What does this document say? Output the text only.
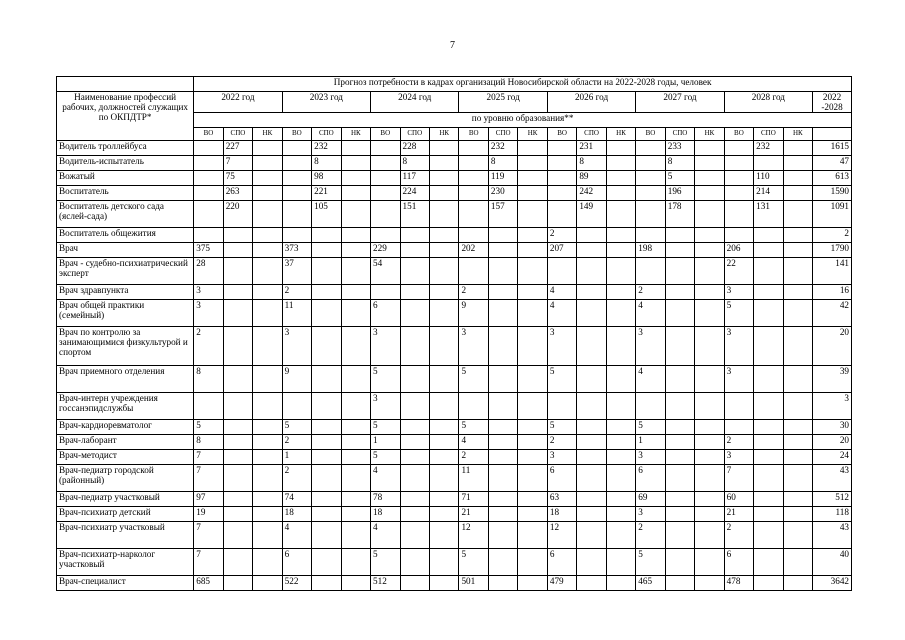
7
	Прогноз потребности в кадрах организаций Новосибирской области на 2022-2028 годы, человек																					
Наименование профессий рабочих, должностей служащих по ОКПДТР*	2022 год			2023 год			2024 год			2025 год			2026 год			2027 год			2028 год			2022 -2028
	по уровню образования**																					
	ВО	СПО	НК	ВО	СПО	НК	ВО	СПО	НК	ВО	СПО	НК	ВО	СПО	НК	ВО	СПО	НК	ВО	СПО	НК	
Водитель троллейбуса		227			232			228			232			231			233			232		1615
Водитель-испытатель		7			8			8			8			8			8					47
Вожатый		75			98			117			119			89			5			110		613
Воспитатель		263			221			224			230			242			196			214		1590
Воспитатель детского сада (яслей-сада)		220			105			151			157			149			178			131		1091
Воспитатель общежития													2									2
Врач	375			373			229			202			207			198			206			1790
Врач - судебно-психиатрический эксперт	28			37			54												22			141
Врач здравпункта	3			2						2			4			2			3			16
Врач общей практики (семейный)	3			11			6			9			4			4			5			42
Врач по контролю за занимающимися физкультурой и спортом	2			3			3			3			3			3			3			20
Врач приемного отделения	8			9			5			5			5			4			3			39
Врач-интерн учреждения госсанэпидслужбы							3															3
Врач-кардиоревматолог	5			5			5			5			5			5						30
Врач-лаборант	8			2			1			4			2			1			2			20
Врач-методист	7			1			5			2			3			3			3			24
Врач-педиатр городской (районный)	7			2			4			11			6			6			7			43
Врач-педиатр участковый	97			74			78			71			63			69			60			512
Врач-психиатр детский	19			18			18			21			18			3			21			118
Врач-психиатр участковый	7			4			4			12			12			2			2			43
Врач-психиатр-нарколог участковый	7			6			5			5			6			5			6			40
Врач-специалист	685			522			512			501			479			465			478			3642
